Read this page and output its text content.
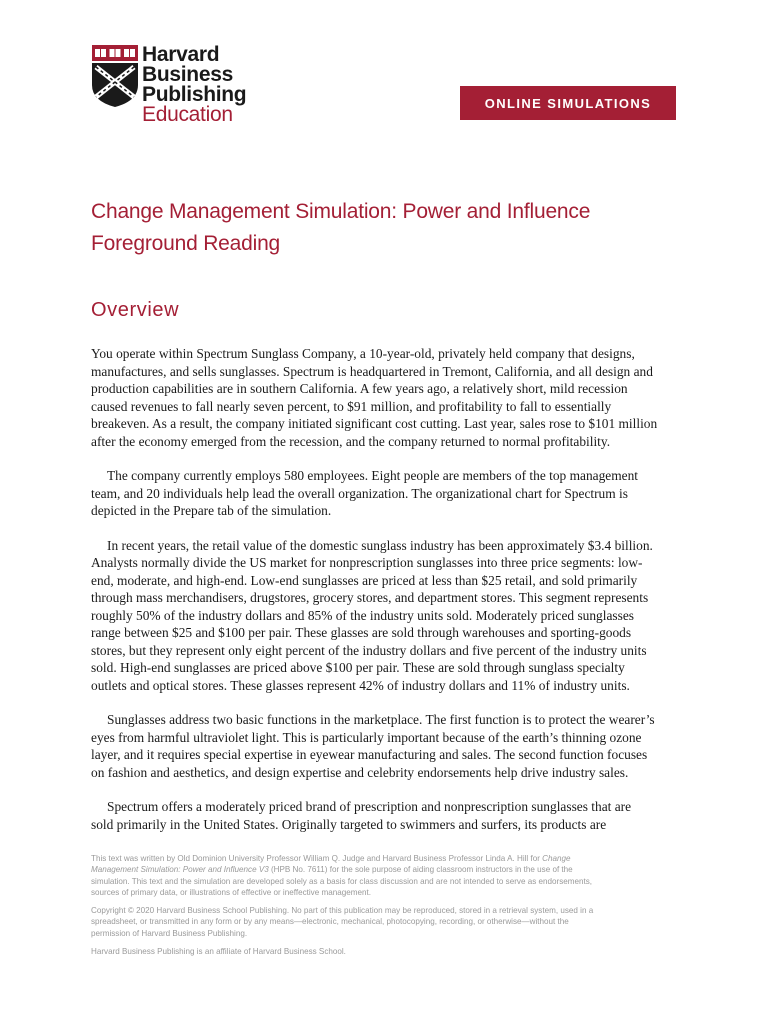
Harvard
Business
Publishing
Education	ONLINE SIMULATIONS
Change Management Simulation: Power and Influence
Foreground Reading
Overview
You operate within Spectrum Sunglass Company, a 10-year-old, privately held company that designs,
manufactures, and sells sunglasses. Spectrum is headquartered in Tremont, California, and all design and
production capabilities are in southern California. A few years ago, a relatively short, mild recession
caused revenues to fall nearly seven percent, to $91 million, and profitability to fall to essentially
breakeven. As a result, the company initiated significant cost cutting. Last year, sales rose to $101 million
after the economy emerged from the recession, and the company returned to normal profitability.
The company currently employs 580 employees. Eight people are members of the top management
team, and 20 individuals help lead the overall organization. The organizational chart for Spectrum is
depicted in the Prepare tab of the simulation.
In recent years, the retail value of the domestic sunglass industry has been approximately $3.4 billion.
Analysts normally divide the US market for nonprescription sunglasses into three price segments: low-
end, moderate, and high-end. Low-end sunglasses are priced at less than $25 retail, and sold primarily
through mass merchandisers, drugstores, grocery stores, and department stores. This segment represents
roughly 50% of the industry dollars and 85% of the industry units sold. Moderately priced sunglasses
range between $25 and $100 per pair. These glasses are sold through warehouses and sporting-goods
stores, but they represent only eight percent of the industry dollars and five percent of the industry units
sold. High-end sunglasses are priced above $100 per pair. These are sold through sunglass specialty
outlets and optical stores. These glasses represent 42% of industry dollars and 11% of industry units.
Sunglasses address two basic functions in the marketplace. The first function is to protect the wearer’s
eyes from harmful ultraviolet light. This is particularly important because of the earth’s thinning ozone
layer, and it requires special expertise in eyewear manufacturing and sales. The second function focuses
on fashion and aesthetics, and design expertise and celebrity endorsements help drive industry sales.
Spectrum offers a moderately priced brand of prescription and nonprescription sunglasses that are
sold primarily in the United States. Originally targeted to swimmers and surfers, its products are
This text was written by Old Dominion University Professor William Q. Judge and Harvard Business Professor Linda A. Hill for Change
Management Simulation: Power and Influence V3 (HPB No. 7611) for the sole purpose of aiding classroom instructors in the use of the
simulation. This text and the simulation are developed solely as a basis for class discussion and are not intended to serve as endorsements,
sources of primary data, or illustrations of effective or ineffective management.
Copyright © 2020 Harvard Business School Publishing. No part of this publication may be reproduced, stored in a retrieval system, used in a
spreadsheet, or transmitted in any form or by any means—electronic, mechanical, photocopying, recording, or otherwise—without the
permission of Harvard Business Publishing.
Harvard Business Publishing is an affiliate of Harvard Business School.
